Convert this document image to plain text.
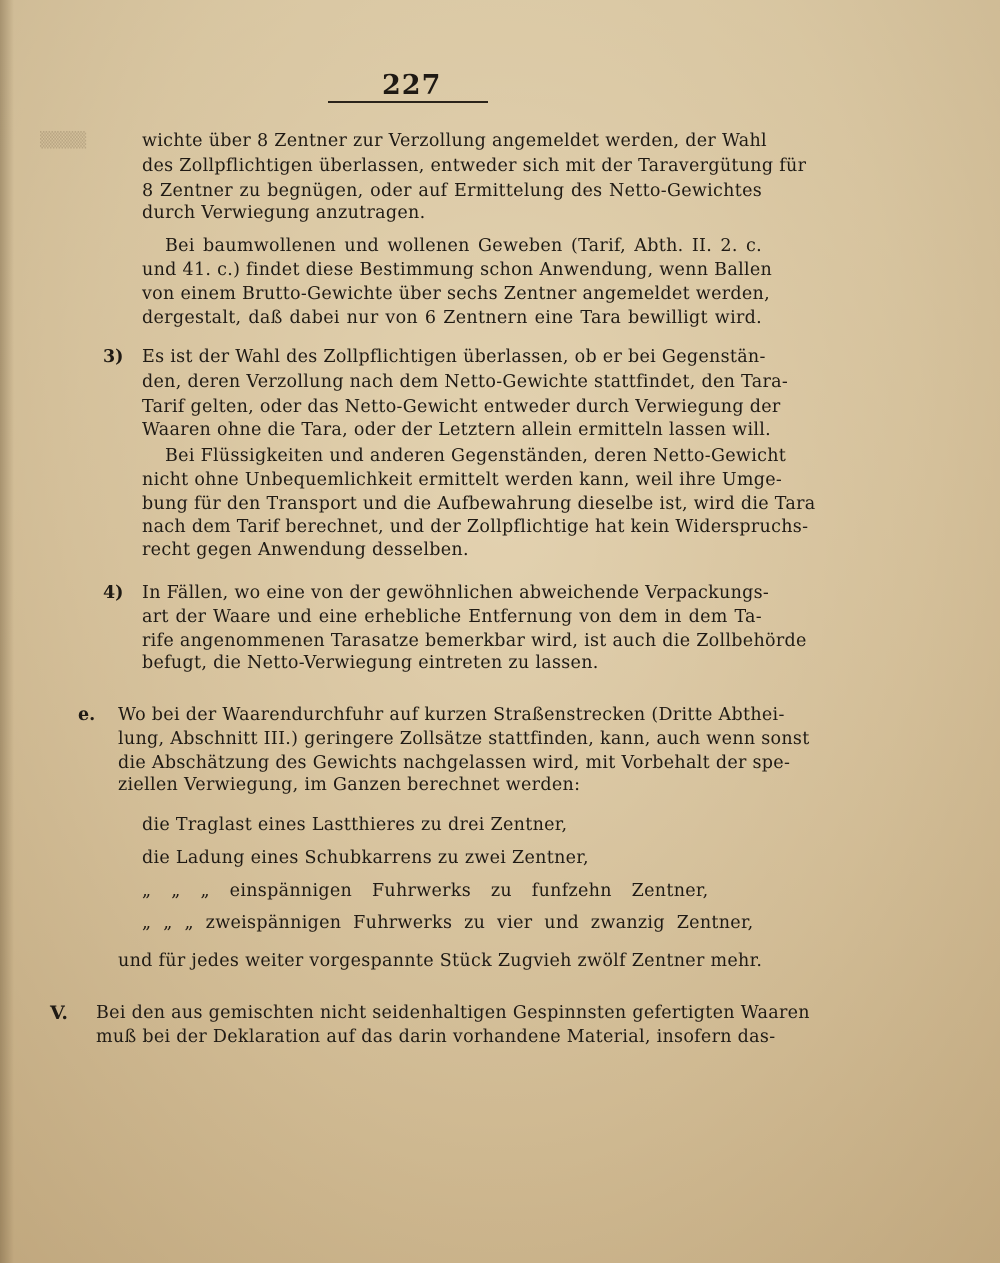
▒▒▒▒
227
wichte über 8 Zentner zur Verzollung angemeldet werden, der Wahl
des Zollpflichtigen überlassen, entweder sich mit der Taravergütung für
8 Zentner zu begnügen, oder auf Ermittelung des Netto-Gewichtes
durch Verwiegung anzutragen.
Bei baumwollenen und wollenen Geweben (Tarif, Abth. II. 2. c.
und 41. c.) findet diese Bestimmung schon Anwendung, wenn Ballen
von einem Brutto-Gewichte über sechs Zentner angemeldet werden,
dergestalt, daß dabei nur von 6 Zentnern eine Tara bewilligt wird.
3) Es ist der Wahl des Zollpflichtigen überlassen, ob er bei Gegenstän-
den, deren Verzollung nach dem Netto-Gewichte stattfindet, den Tara-
Tarif gelten, oder das Netto-Gewicht entweder durch Verwiegung der
Waaren ohne die Tara, oder der Letztern allein ermitteln lassen will.
Bei Flüssigkeiten und anderen Gegenständen, deren Netto-Gewicht
nicht ohne Unbequemlichkeit ermittelt werden kann, weil ihre Umge-
bung für den Transport und die Aufbewahrung dieselbe ist, wird die Tara
nach dem Tarif berechnet, und der Zollpflichtige hat kein Widerspruchs-
recht gegen Anwendung desselben.
4) In Fällen, wo eine von der gewöhnlichen abweichende Verpackungs-
art der Waare und eine erhebliche Entfernung von dem in dem Ta-
rife angenommenen Tarasatze bemerkbar wird, ist auch die Zollbehörde
befugt, die Netto-Verwiegung eintreten zu lassen.
e. Wo bei der Waarendurchfuhr auf kurzen Straßenstrecken (Dritte Abthei-
lung, Abschnitt III.) geringere Zollsätze stattfinden, kann, auch wenn sonst
die Abschätzung des Gewichts nachgelassen wird, mit Vorbehalt der spe-
ziellen Verwiegung, im Ganzen berechnet werden:
die Traglast eines Lastthieres zu drei Zentner,
die Ladung eines Schubkarrens zu zwei Zentner,
„ „ „ einspännigen Fuhrwerks zu funfzehn Zentner,
„ „ „ zweispännigen Fuhrwerks zu vier und zwanzig Zentner,
und für jedes weiter vorgespannte Stück Zugvieh zwölf Zentner mehr.
V. Bei den aus gemischten nicht seidenhaltigen Gespinnsten gefertigten Waaren
muß bei der Deklaration auf das darin vorhandene Material, insofern das-
